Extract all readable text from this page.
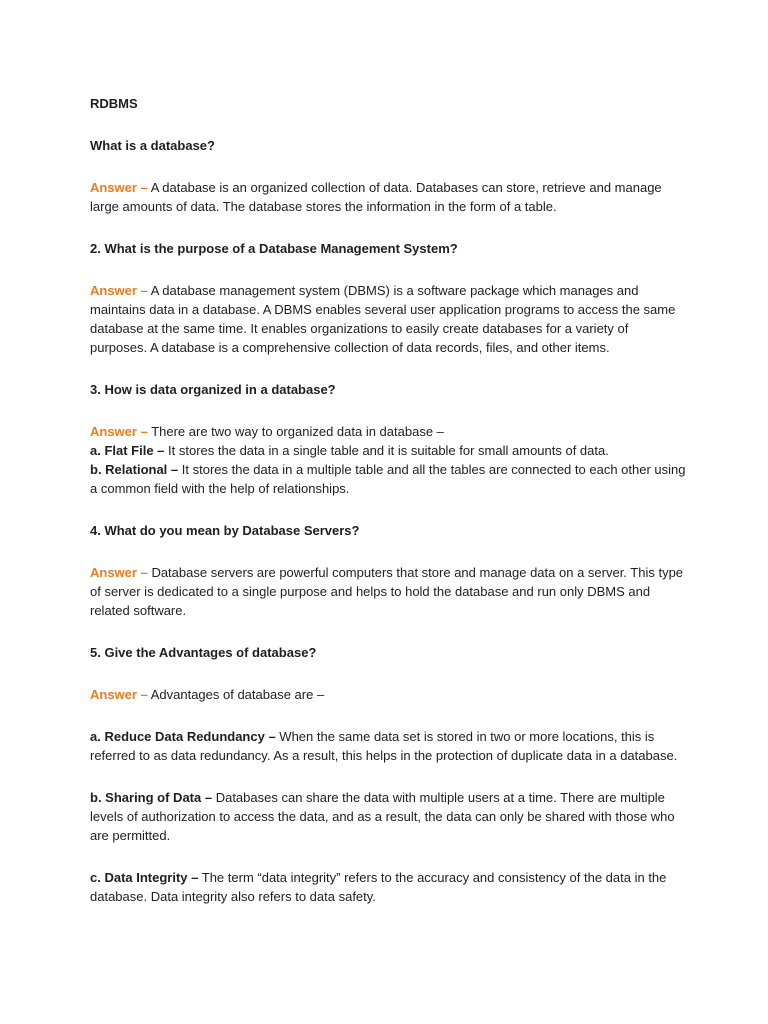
RDBMS
What is a database?
Answer – A database is an organized collection of data. Databases can store, retrieve and manage large amounts of data. The database stores the information in the form of a table.
2. What is the purpose of a Database Management System?
Answer – A database management system (DBMS) is a software package which manages and maintains data in a database. A DBMS enables several user application programs to access the same database at the same time. It enables organizations to easily create databases for a variety of purposes. A database is a comprehensive collection of data records, files, and other items.
3. How is data organized in a database?
Answer – There are two way to organized data in database –
a. Flat File – It stores the data in a single table and it is suitable for small amounts of data.
b. Relational – It stores the data in a multiple table and all the tables are connected to each other using a common field with the help of relationships.
4. What do you mean by Database Servers?
Answer – Database servers are powerful computers that store and manage data on a server. This type of server is dedicated to a single purpose and helps to hold the database and run only DBMS and related software.
5. Give the Advantages of database?
Answer – Advantages of database are –
a. Reduce Data Redundancy – When the same data set is stored in two or more locations, this is referred to as data redundancy. As a result, this helps in the protection of duplicate data in a database.
b. Sharing of Data – Databases can share the data with multiple users at a time. There are multiple levels of authorization to access the data, and as a result, the data can only be shared with those who are permitted.
c. Data Integrity – The term “data integrity” refers to the accuracy and consistency of the data in the database. Data integrity also refers to data safety.
